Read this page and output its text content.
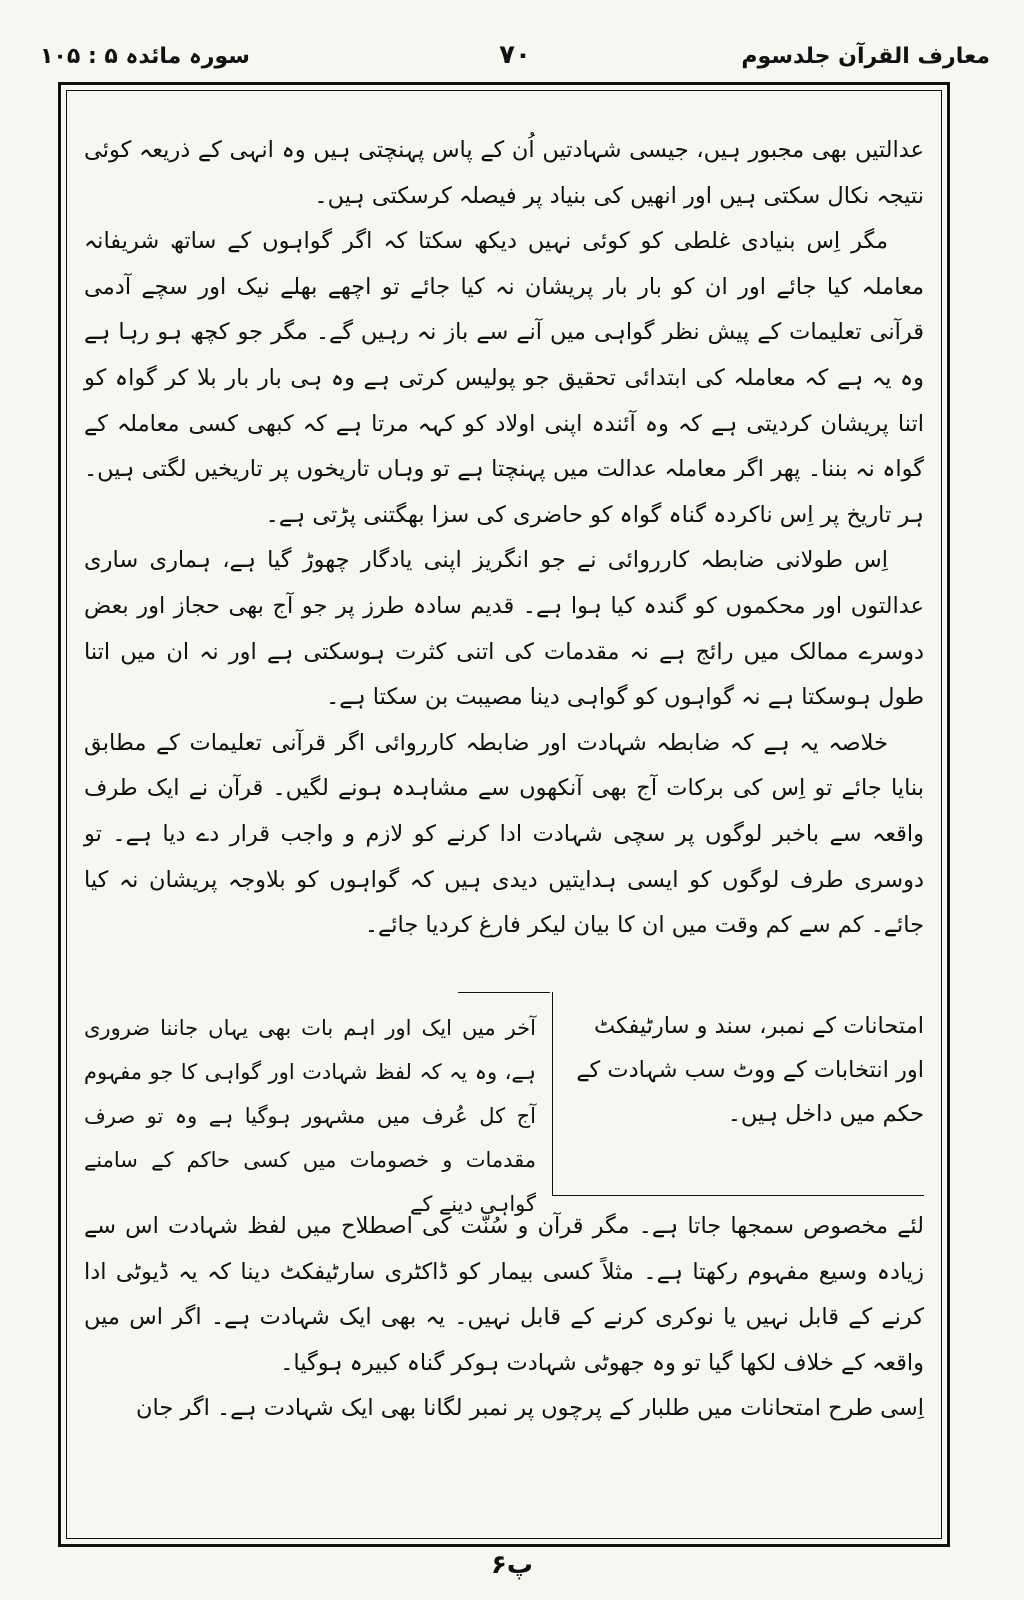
معارف القرآن جلدسوم
۷۰
سورہ مائدہ ۵ : ۱۰۵

عدالتیں بھی مجبور ہیں، جیسی شہادتیں اُن کے پاس پہنچتی ہیں وہ انہی کے ذریعہ کوئی نتیجہ نکال سکتی ہیں اور انھیں کی بنیاد پر فیصلہ کرسکتی ہیں۔

مگر اِس بنیادی غلطی کو کوئی نہیں دیکھ سکتا کہ اگر گواہوں کے ساتھ شریفانہ معاملہ کیا جائے اور ان کو بار بار پریشان نہ کیا جائے تو اچھے بھلے نیک اور سچے آدمی قرآنی تعلیمات کے پیش نظر گواہی میں آنے سے باز نہ رہیں گے۔ مگر جو کچھ ہو رہا ہے وہ یہ ہے کہ معاملہ کی ابتدائی تحقیق جو پولیس کرتی ہے وہ ہی بار بار بلا کر گواہ کو اتنا پریشان کردیتی ہے کہ وہ آئندہ اپنی اولاد کو کہہ مرتا ہے کہ کبھی کسی معاملہ کے گواہ نہ بننا۔ پھر اگر معاملہ عدالت میں پہنچتا ہے تو وہاں تاریخوں پر تاریخیں لگتی ہیں۔ ہر تاریخ پر اِس ناکردہ گناہ گواہ کو حاضری کی سزا بھگتنی پڑتی ہے۔

اِس طولانی ضابطہ کارروائی نے جو انگریز اپنی یادگار چھوڑ گیا ہے، ہماری ساری عدالتوں اور محکموں کو گندہ کیا ہوا ہے۔ قدیم سادہ طرز پر جو آج بھی حجاز اور بعض دوسرے ممالک میں رائج ہے نہ مقدمات کی اتنی کثرت ہوسکتی ہے اور نہ ان میں اتنا طول ہوسکتا ہے نہ گواہوں کو گواہی دینا مصیبت بن سکتا ہے۔

خلاصہ یہ ہے کہ ضابطہ شہادت اور ضابطہ کارروائی اگر قرآنی تعلیمات کے مطابق بنایا جائے تو اِس کی برکات آج بھی آنکھوں سے مشاہدہ ہونے لگیں۔ قرآن نے ایک طرف واقعہ سے باخبر لوگوں پر سچی شہادت ادا کرنے کو لازم و واجب قرار دے دیا ہے۔ تو دوسری طرف لوگوں کو ایسی ہدایتیں دیدی ہیں کہ گواہوں کو بلاوجہ پریشان نہ کیا جائے۔ کم سے کم وقت میں ان کا بیان لیکر فارغ کردیا جائے۔

امتحانات کے نمبر، سند و سارٹیفکٹ اور انتخابات کے ووٹ سب شہادت کے حکم میں داخل ہیں۔
آخر میں ایک اور اہم بات بھی یہاں جاننا ضروری ہے، وہ یہ کہ لفظ شہادت اور گواہی کا جو مفہوم آج کل عُرف میں مشہور ہوگیا ہے وہ تو صرف مقدمات و خصومات میں کسی حاکم کے سامنے گواہی دینے کے

لئے مخصوص سمجھا جاتا ہے۔ مگر قرآن و سُنّت کی اصطلاح میں لفظ شہادت اس سے زیادہ وسیع مفہوم رکھتا ہے۔ مثلاً کسی بیمار کو ڈاکٹری سارٹیفکٹ دینا کہ یہ ڈیوٹی ادا کرنے کے قابل نہیں یا نوکری کرنے کے قابل نہیں۔ یہ بھی ایک شہادت ہے۔ اگر اس میں واقعہ کے خلاف لکھا گیا تو وہ جھوٹی شہادت ہوکر گناہ کبیرہ ہوگیا۔

اِسی طرح امتحانات میں طلبار کے پرچوں پر نمبر لگانا بھی ایک شہادت ہے۔ اگر جان

پ۶
